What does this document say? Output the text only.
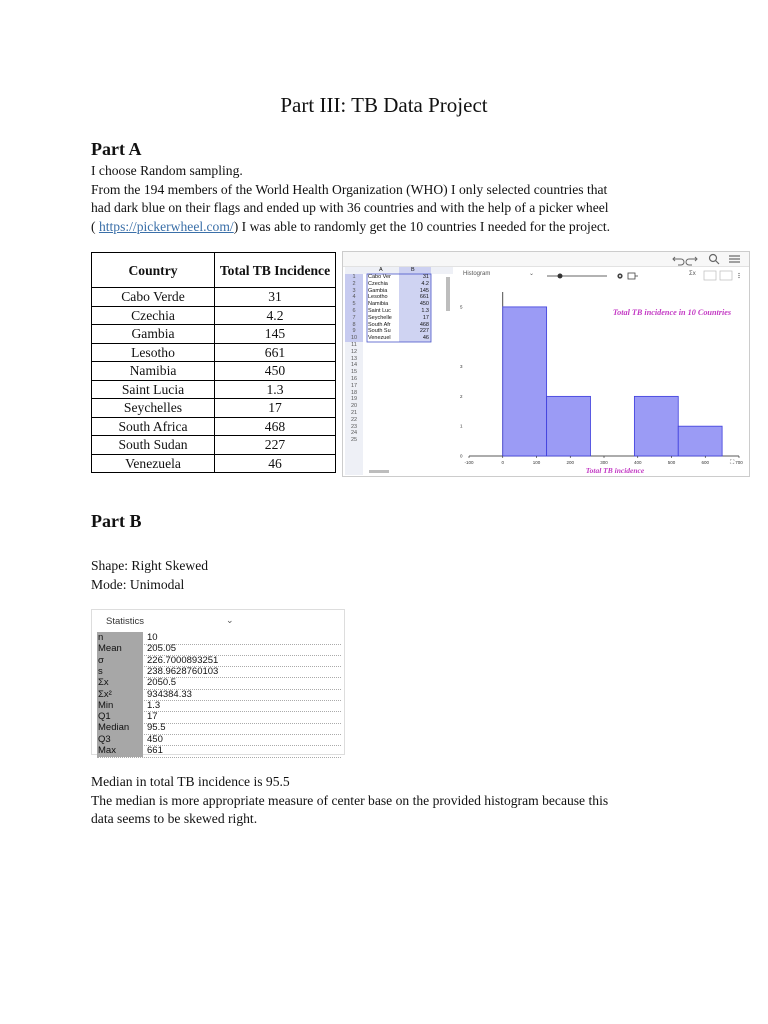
Part III: TB Data Project
Part A
I choose Random sampling.
From the 194 members of the World Health Organization (WHO) I only selected countries that
had dark blue on their flags and ended up with 36 countries and with the help of a picker wheel
( https://pickerwheel.com/) I was able to randomly get the 10 countries I needed for the project.
Country	Total TB Incidence
Cabo Verde	31
Czechia	4.2
Gambia	145
Lesotho	661
Namibia	450
Saint Lucia	1.3
Seychelles	17
South Africa	468
South Sudan	227
Venezuela	46
A	B
1	Cabo Ver	31
2	Czechia	4.2
3	Gambia	145
4	Lesotho	661
5	Namibia	450
6	Saint Luc	1.3
7	Seychelle	17
8	South Afr	468
9	South Su	227
10	Venezuel	46
11
12
13
14
15
16
17
18
19
20
21
22
23
24
25
Histogram	⌄	Σx
-100	0	100	200	300	400	500	600	700
0
1
2
3
5
Total TB incidence in 10 Countries
Total TB incidence
⛶
Part B
Shape: Right Skewed
Mode: Unimodal
Statistics	⌄
n	10
Mean	205.05
σ	226.7000893251
s	238.9628760103
Σx	2050.5
Σx²	934384.33
Min	1.3
Q1	17
Median	95.5
Q3	450
Max	661
Median in total TB incidence is 95.5
The median is more appropriate measure of center base on the provided histogram because this
data seems to be skewed right.
